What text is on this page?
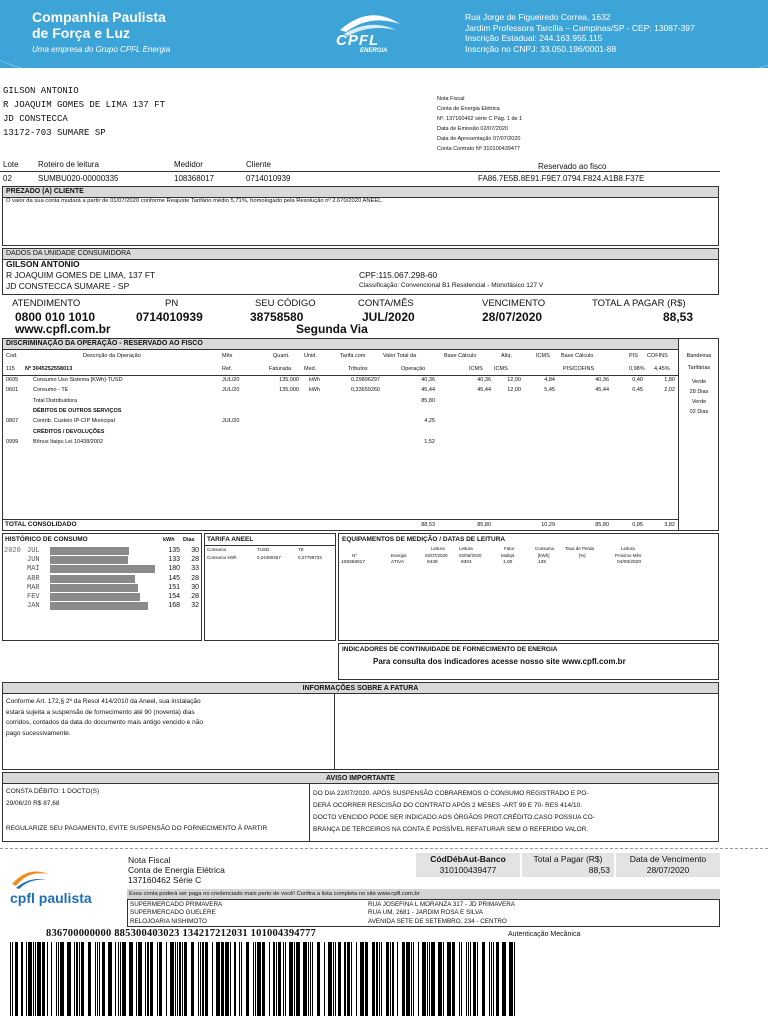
Companhia Paulista
de Força e Luz
Uma empresa do Grupo CPFL Energia
CPFL
ENERGIA
Rua Jorge de Figueiredo Correa, 1632
Jardim Professora Tarcília – Campinas/SP - CEP: 13087-397
Inscrição Estadual: 244.163.955.115
Inscrição no CNPJ: 33.050.196/0001-88
GILSON ANTONIO
R JOAQUIM GOMES DE LIMA 137 FT
JD CONSTECCA
13172-703 SUMARE SP
Nota Fiscal
Conta de Energia Elétrica
Nº. 137160462 série C Pág. 1 de 1
Data de Emissão 02/07/2020
Data de Apresentação 07/07/2020
Conta Contrato Nº 310100439477
Lote Roteiro de leitura	Medidor	Cliente	Reservado ao fisco
02	SUMBU020-00000335	108368017	0714010939	FA86.7E5B.8E91.F9E7.0794.F824.A1B8.F37E
PREZADO (A) CLIENTE
O valor da sua conta mudará a partir de 01/07/2020 conforme Reajuste Tarifário médio 5,71%, homologado pela Resolução nº 2.670/2020 ANEEL.
DADOS DA UNIDADE CONSUMIDORA
GILSON ANTONIO
R JOAQUIM GOMES DE LIMA, 137 FT
JD CONSTECCA SUMARE - SP
CPF:115.067.298-60
Classificação: Convencional B1 Residencial - Monofásico 127 V
ATENDIMENTO	PN	SEU CÓDIGO	CONTA/MÊS	VENCIMENTO	TOTAL A PAGAR (R$)
0800 010 1010	0714010939	38758580	JUL/2020	28/07/2020	88,53
www.cpfl.com.br	Segunda Via
DISCRIMINAÇÃO DA OPERAÇÃO - RESERVADO AO FISCO
Cod.	Descrição da Operação	Mês	Quant.	Unid.	Tarifa com	Valor Total da	Base Cálculo	Alíq.	ICMS Base Cálculo	PIS COFINS
115 Nº 3045252558013	Ref.	Faturada Med.	Tributos	Operação	ICMS ICMS	PIS/COFINS	0,98% 4,45%
0605	Consumo Uso Sistema [KWh]-TUSD	JUL/20	135,000 kWh	0,29896297	40,36	40,36	12,00	4,84	40,36	0,40	1,80
0601	Consumo - TE	JUL/20	135,000 kWh	0,33659260	45,44	45,44	12,00	5,45	45,44	0,45	2,02
Total Distribuidora	85,80
DÉBITOS DE OUTROS SERVIÇOS
0807	Contrib. Custeio IP-CIP Municipal	JUL/20	4,25
CRÉDITOS / DEVOLUÇÕES
0999	Bônus Itaipu Lei 10438/2002	1,52
Bandeiras Tarifárias
Verde
28 Dias
Verde
02 Dias
TOTAL CONSOLIDADO	88,53	85,80	10,29	85,80	0,85	3,82
HISTÓRICO DE CONSUMO	kWh Dias
2020 JUL	135	30
JUN	133	28
MAI	180	33
ABR	145	28
MAR	151	30
FEV	154	28
JAN	168	32
TARIFA ANEEL
Consumo	TUSD	TE
Consumo kWh	0,24480467	0,27799733
EQUIPAMENTOS DE MEDIÇÃO / DATAS DE LEITURA
Leitura	Leitura	Fator	Consumo Taxa de Perda	Leitura
Nº	Energia	02/07/2020	02/06/2020	Multipl.	[kWh]	[%]	Próximo Mês
108368017	ATIVA	9439	9304	1,00	135	04/08/2020
INDICADORES DE CONTINUIDADE DE FORNECIMENTO DE ENERGIA
Para consulta dos indicadores acesse nosso site www.cpfl.com.br
INFORMAÇÕES SOBRE A FATURA
Conforme Art. 172,§ 2º da Resol 414/2010 da Aneel, sua instalação
estará sujeita a suspensão de fornecimento até 90 (noventa) dias
corridos, contados da data do documento mais antigo vencido e não
pago sucessivamente.
AVISO IMPORTANTE
CONSTA DÉBITO: 1 DOCTO(S)
29/06/20 R$ 87,68
REGULARIZE SEU PAGAMENTO, EVITE SUSPENSÃO DO FORNECIMENTO À PARTIR
DO DIA 22/07/2020. APÓS SUSPENSÃO COBRAREMOS O CONSUMO REGISTRADO E PO-
DERÁ OCORRER RESCISÃO DO CONTRATO APÓS 2 MESES -ART 99 E 70- RES 414/10.
DOCTO VENCIDO PODE SER INDICADO AOS ÓRGÃOS PROT.CRÉDITO.CASO POSSUA CO-
BRANÇA DE TERCEIROS NA CONTA É POSSÍVEL REFATURAR SEM O REFERIDO VALOR.
cpfl paulista
Nota Fiscal
Conta de Energia Elétrica
137160462 Série C
CódDébAut-Banco
310100439477
Total a Pagar (R$)
88,53
Data de Vencimento
28/07/2020
Essa conta poderá ser paga no credenciado mais perto de você! Confira a lista completa no site www.cpfl.com.br
SUPERMERCADO PRIMAVERA	RUA JOSEFINA L MORANZA 317 - JD PRIMAVERA
SUPERMERCADO GUELERE	RUA UM, 2681 - JARDIM ROSA E SILVA
RELOJOARIA NISHIMOTO	AVENIDA SETE DE SETEMBRO, 234 - CENTRO
836700000000 885300403023 134217212031 101004394777	Autenticação Mecânica
